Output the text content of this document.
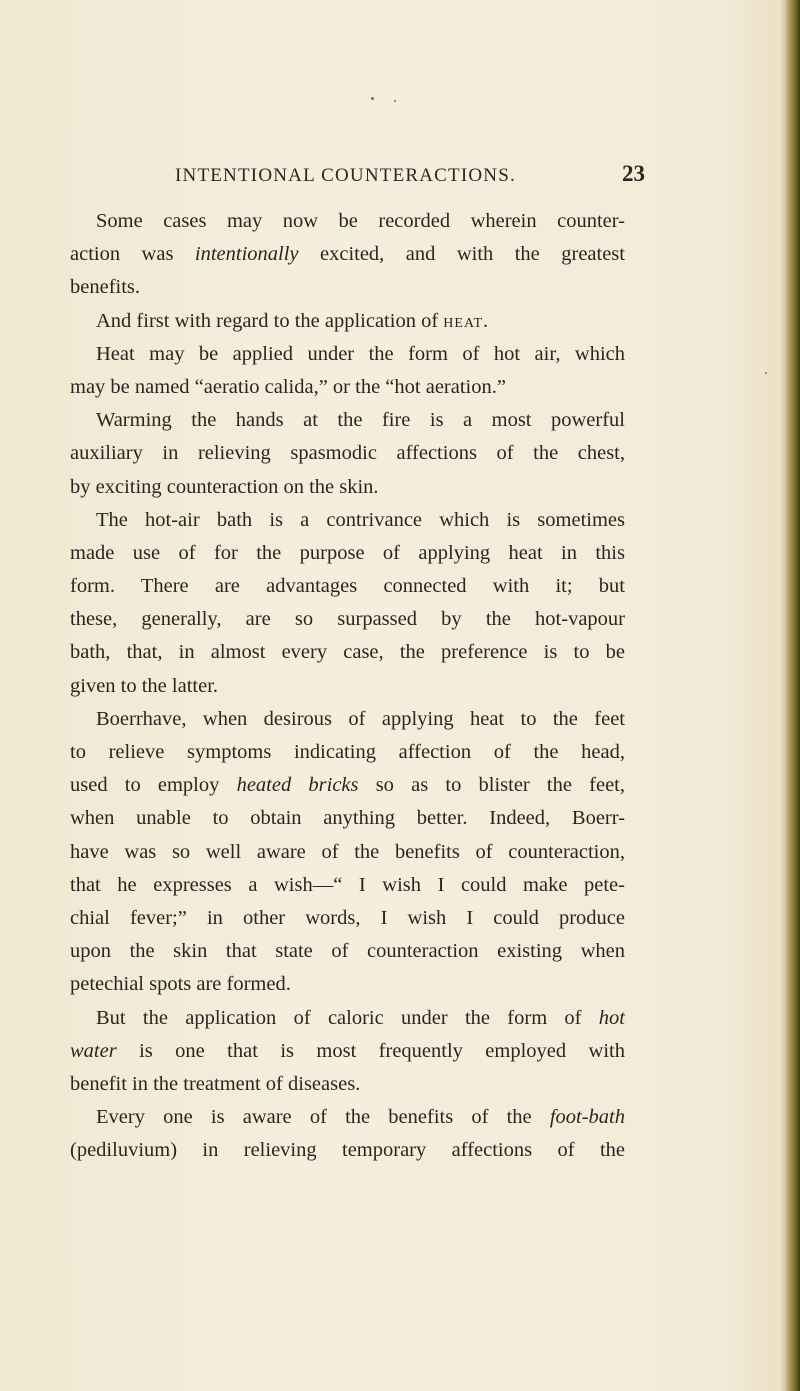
INTENTIONAL COUNTERACTIONS.	23
Some cases may now be recorded wherein counter-
action was intentionally excited, and with the greatest
benefits.
And first with regard to the application of heat.
Heat may be applied under the form of hot air, which
may be named “aeratio calida,” or the “hot aeration.”
Warming the hands at the fire is a most powerful
auxiliary in relieving spasmodic affections of the chest,
by exciting counteraction on the skin.
The hot-air bath is a contrivance which is sometimes
made use of for the purpose of applying heat in this
form. There are advantages connected with it; but
these, generally, are so surpassed by the hot-vapour
bath, that, in almost every case, the preference is to be
given to the latter.
Boerrhave, when desirous of applying heat to the feet
to relieve symptoms indicating affection of the head,
used to employ heated bricks so as to blister the feet,
when unable to obtain anything better. Indeed, Boerr-
have was so well aware of the benefits of counteraction,
that he expresses a wish—“ I wish I could make pete-
chial fever;” in other words, I wish I could produce
upon the skin that state of counteraction existing when
petechial spots are formed.
But the application of caloric under the form of hot
water is one that is most frequently employed with
benefit in the treatment of diseases.
Every one is aware of the benefits of the foot-bath
(pediluvium) in relieving temporary affections of the
